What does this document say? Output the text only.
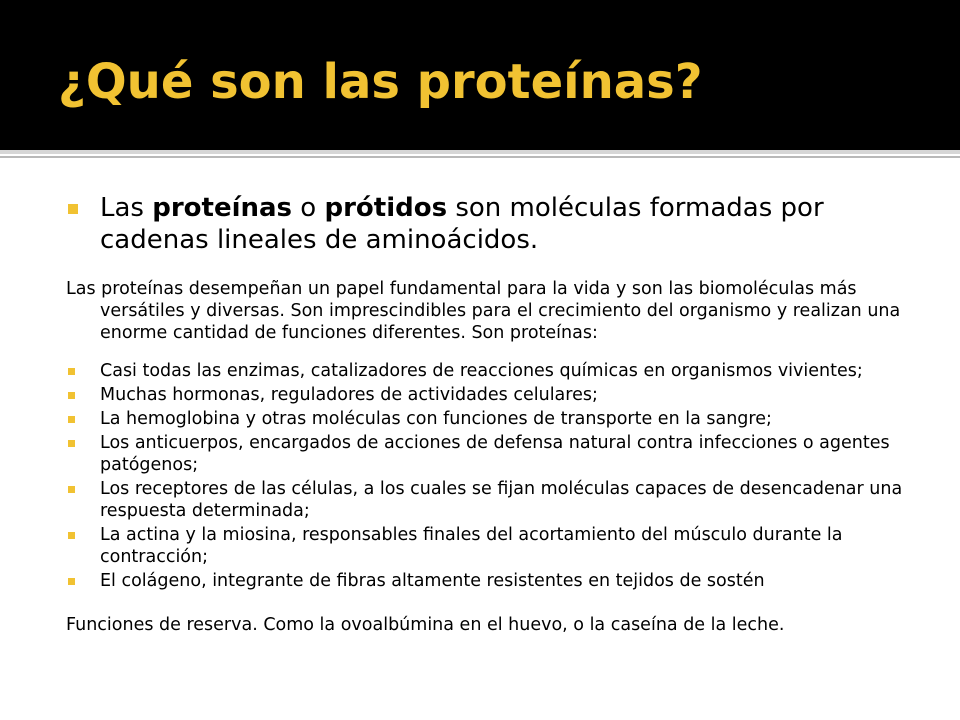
¿Qué son las proteínas?

Las proteínas o prótidos son moléculas formadas por cadenas lineales de aminoácidos.

Las proteínas desempeñan un papel fundamental para la vida y son las biomoléculas más versátiles y diversas. Son imprescindibles para el crecimiento del organismo y realizan una enorme cantidad de funciones diferentes. Son proteínas:

Casi todas las enzimas, catalizadores de reacciones químicas en organismos vivientes;
Muchas hormonas, reguladores de actividades celulares;
La hemoglobina y otras moléculas con funciones de transporte en la sangre;
Los anticuerpos, encargados de acciones de defensa natural contra infecciones o agentes patógenos;
Los receptores de las células, a los cuales se fijan moléculas capaces de desencadenar una respuesta determinada;
La actina y la miosina, responsables finales del acortamiento del músculo durante la contracción;
El colágeno, integrante de fibras altamente resistentes en tejidos de sostén

Funciones de reserva. Como la ovoalbúmina en el huevo, o la caseína de la leche.
